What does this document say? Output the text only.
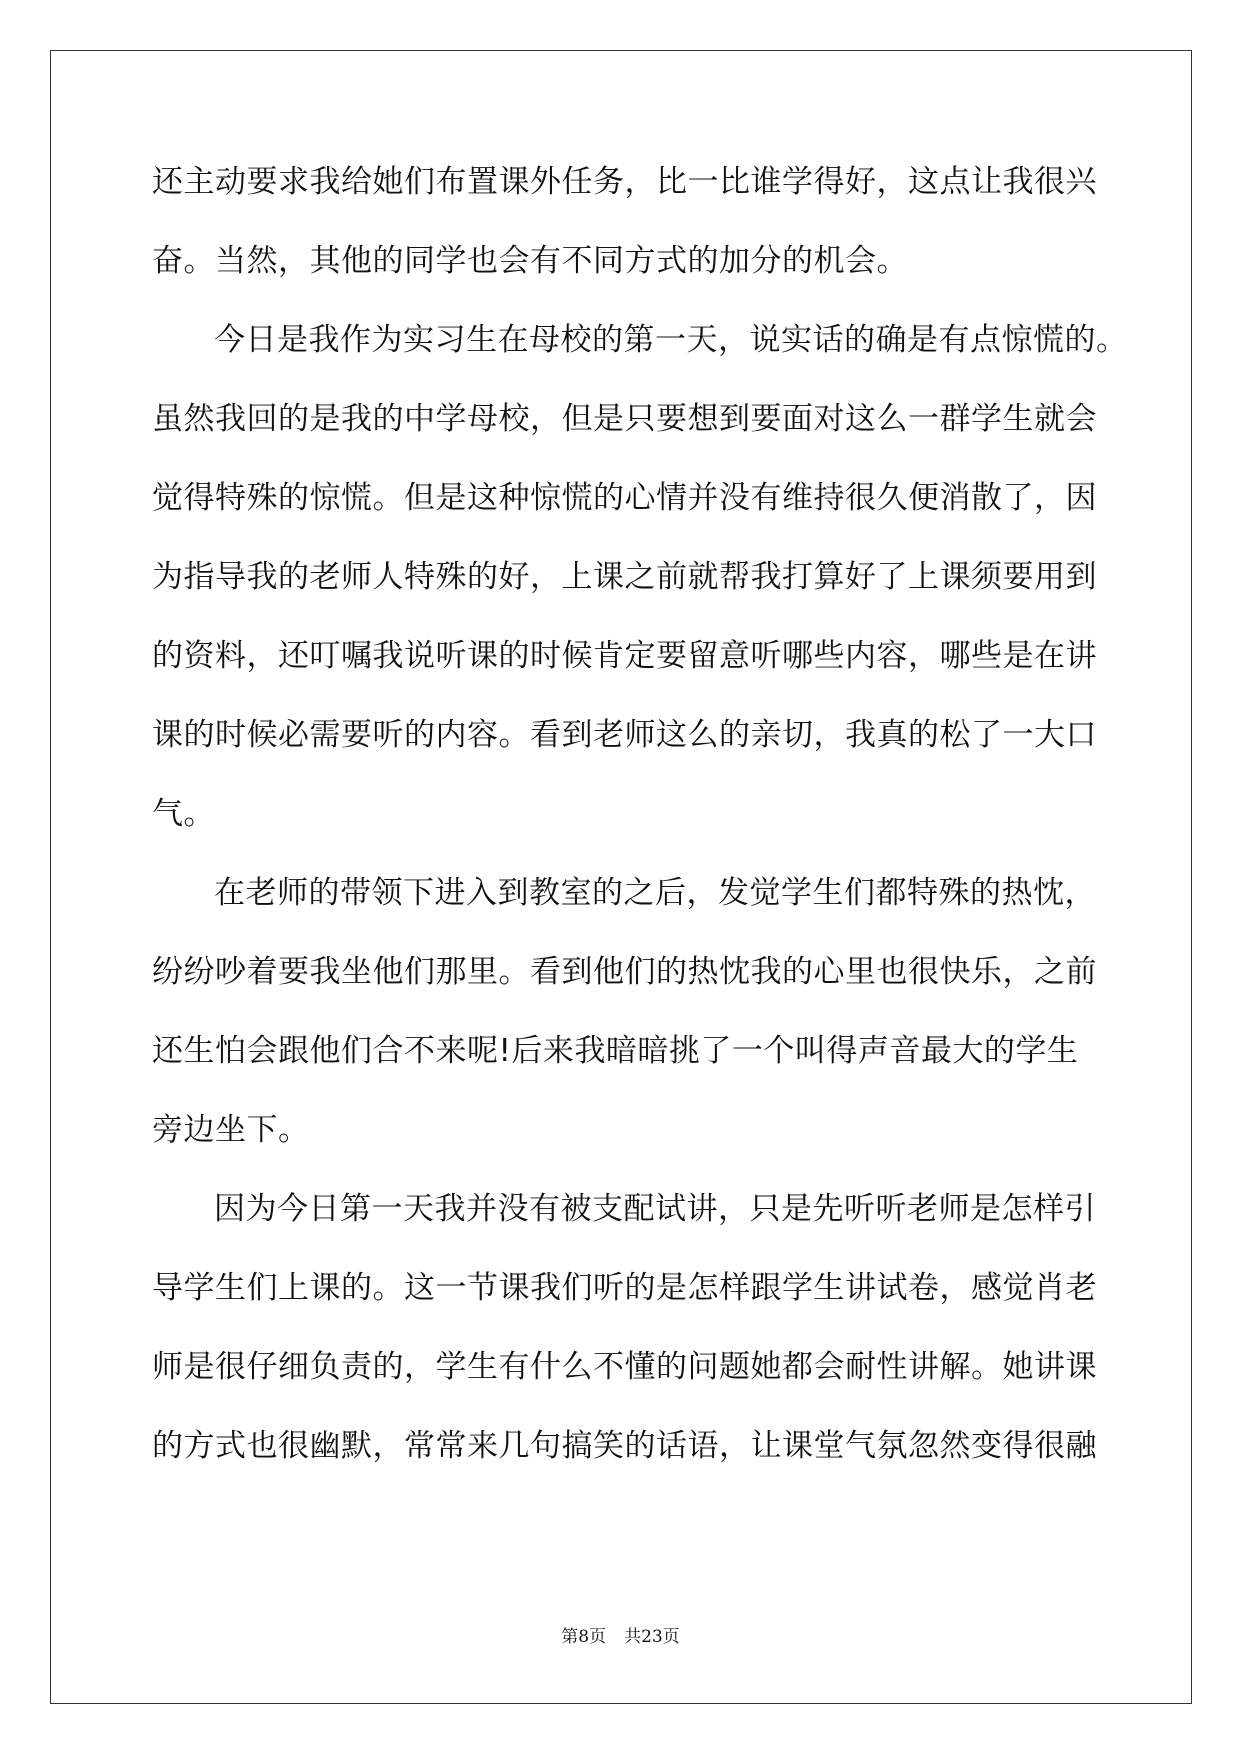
还主动要求我给她们布置课外任务，比一比谁学得好，这点让我很兴
奋。当然，其他的同学也会有不同方式的加分的机会。
今日是我作为实习生在母校的第一天，说实话的确是有点惊慌的。
虽然我回的是我的中学母校，但是只要想到要面对这么一群学生就会
觉得特殊的惊慌。但是这种惊慌的心情并没有维持很久便消散了，因
为指导我的老师人特殊的好，上课之前就帮我打算好了上课须要用到
的资料，还叮嘱我说听课的时候肯定要留意听哪些内容，哪些是在讲
课的时候必需要听的内容。看到老师这么的亲切，我真的松了一大口
气。
在老师的带领下进入到教室的之后，发觉学生们都特殊的热忱，
纷纷吵着要我坐他们那里。看到他们的热忱我的心里也很快乐，之前
还生怕会跟他们合不来呢!后来我暗暗挑了一个叫得声音最大的学生
旁边坐下。
因为今日第一天我并没有被支配试讲，只是先听听老师是怎样引
导学生们上课的。这一节课我们听的是怎样跟学生讲试卷，感觉肖老
师是很仔细负责的，学生有什么不懂的问题她都会耐性讲解。她讲课
的方式也很幽默，常常来几句搞笑的话语，让课堂气氛忽然变得很融
第8页 共23页
